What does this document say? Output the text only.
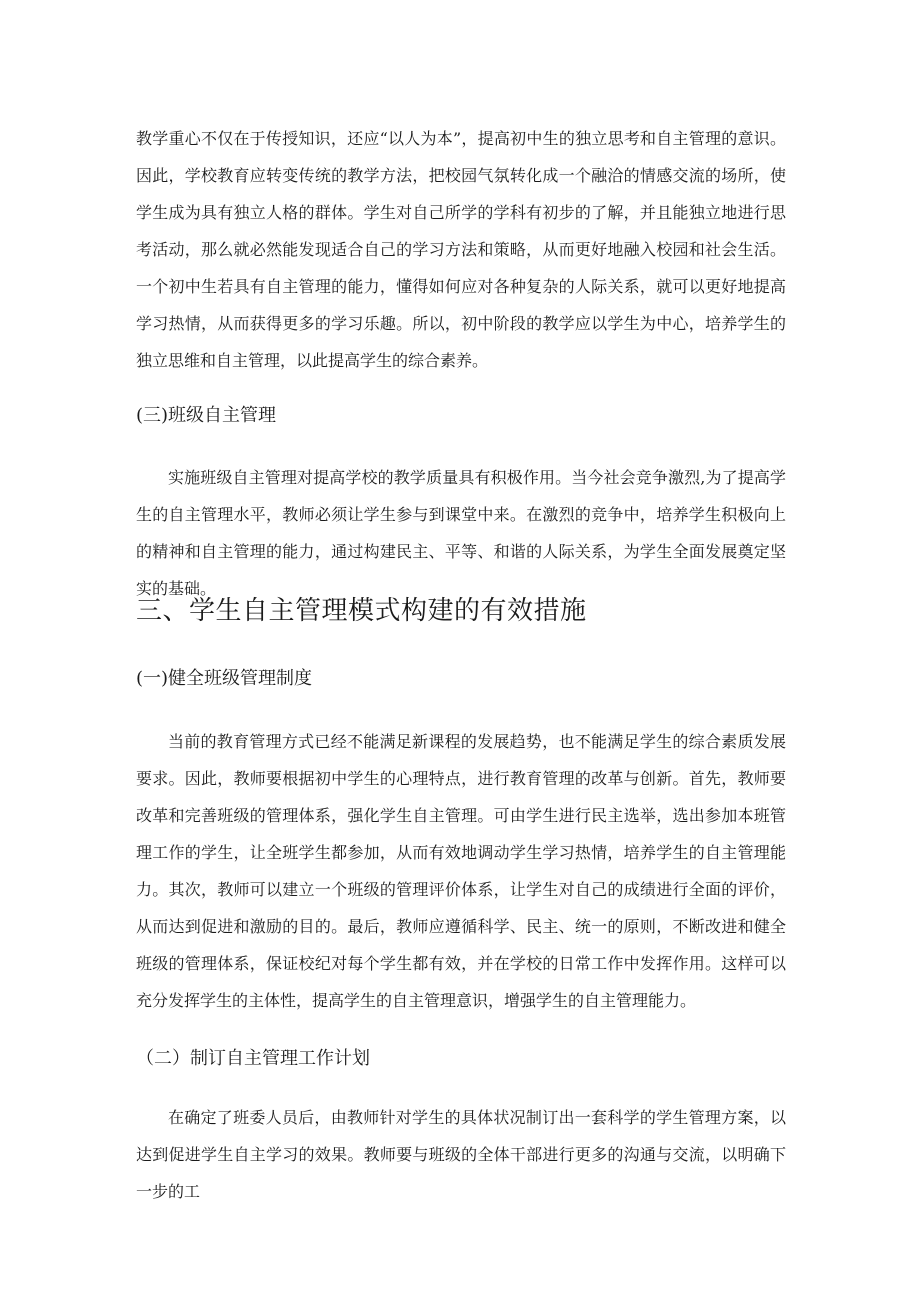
教学重心不仅在于传授知识，还应“以人为本”，提高初中生的独立思考和自主管理的意识。因此，学校教育应转变传统的教学方法，把校园气氛转化成一个融洽的情感交流的场所，使学生成为具有独立人格的群体。学生对自己所学的学科有初步的了解，并且能独立地进行思考活动，那么就必然能发现适合自己的学习方法和策略，从而更好地融入校园和社会生活。一个初中生若具有自主管理的能力，懂得如何应对各种复杂的人际关系，就可以更好地提高学习热情，从而获得更多的学习乐趣。所以，初中阶段的教学应以学生为中心，培养学生的独立思维和自主管理，以此提高学生的综合素养。

(三)班级自主管理

实施班级自主管理对提高学校的教学质量具有积极作用。当今社会竞争激烈,为了提高学生的自主管理水平，教师必须让学生参与到课堂中来。在激烈的竞争中，培养学生积极向上的精神和自主管理的能力，通过构建民主、平等、和谐的人际关系，为学生全面发展奠定坚实的基础。

三、学生自主管理模式构建的有效措施
(一)健全班级管理制度

当前的教育管理方式已经不能满足新课程的发展趋势，也不能满足学生的综合素质发展要求。因此，教师要根据初中学生的心理特点，进行教育管理的改革与创新。首先，教师要改革和完善班级的管理体系，强化学生自主管理。可由学生进行民主选举，选出参加本班管理工作的学生，让全班学生都参加，从而有效地调动学生学习热情，培养学生的自主管理能力。其次，教师可以建立一个班级的管理评价体系，让学生对自己的成绩进行全面的评价，从而达到促进和激励的目的。最后，教师应遵循科学、民主、统一的原则，不断改进和健全班级的管理体系，保证校纪对每个学生都有效，并在学校的日常工作中发挥作用。这样可以充分发挥学生的主体性，提高学生的自主管理意识，增强学生的自主管理能力。

（二）制订自主管理工作计划

在确定了班委人员后，由教师针对学生的具体状况制订出一套科学的学生管理方案，以达到促进学生自主学习的效果。教师要与班级的全体干部进行更多的沟通与交流，以明确下一步的工
